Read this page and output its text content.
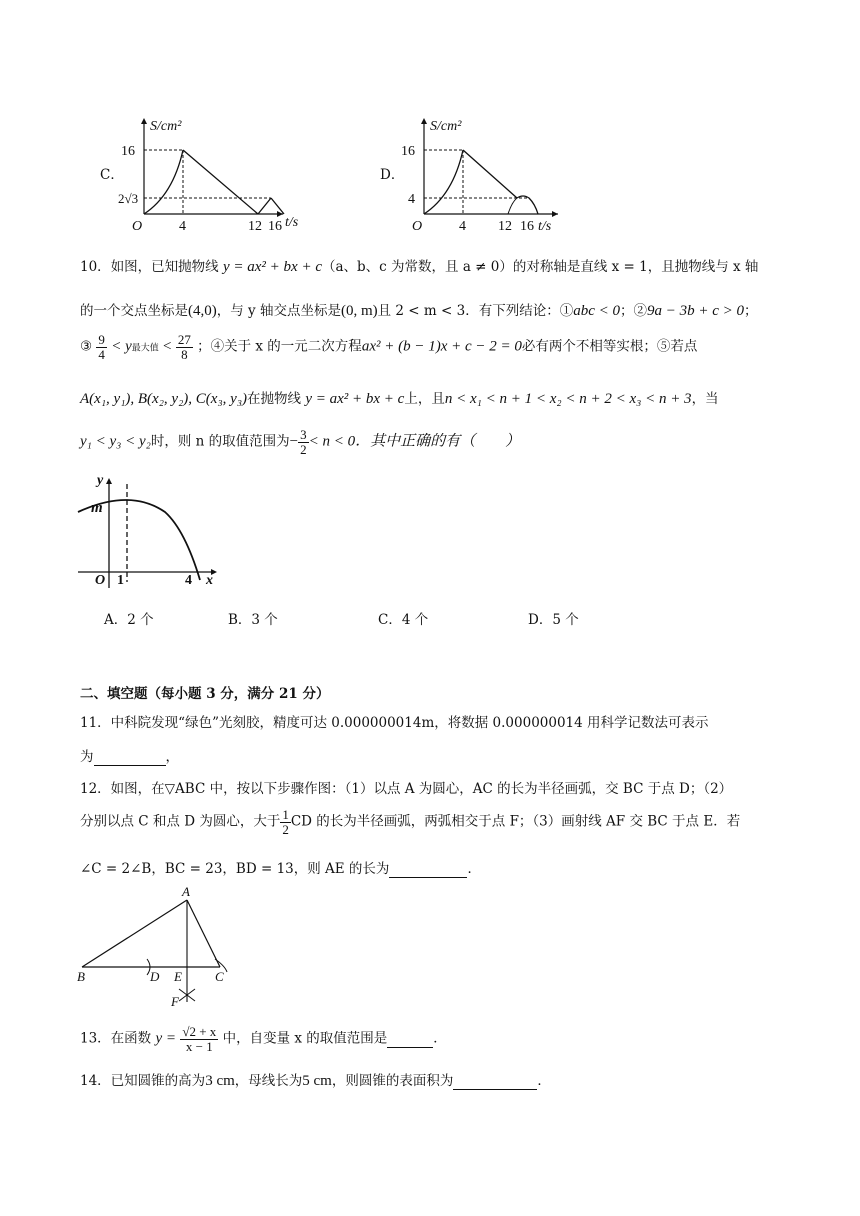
C．
S/cm²
16
2√3
O	4	12 16 t/s
D．
S/cm²
16
4
O	4 12 16 t/s
10．如图，已知抛物线 y = ax² + bx + c（a、b、c 为常数，且 a ≠ 0）的对称轴是直线 x = 1，且抛物线与 x 轴
的一个交点坐标是(4,0)，与 y 轴交点坐标是(0, m)且 2 < m < 3．有下列结论：①abc < 0；②9a − 3b + c > 0；
③ $\frac{9}{4} < y$最大值 < $\frac{27}{8}$ ；④关于 x 的一元二次方程ax² + (b − 1)x + c − 2 = 0必有两个不相等实根；⑤若点
A(x₁, y₁), B(x₂, y₂), C(x₃, y₃)在抛物线 y = ax² + bx + c上，且n < x₁ < n + 1 < x₂ < n + 2 < x₃ < n + 3，当
y₁ < y₃ < y₂时，则 n 的取值范围为− $\frac{3}{2} < n < 0$．其中正确的有（　　）
y
m
O 1	4 x
A．2 个	B．3 个	C．4 个	D．5 个
二、填空题（每小题 3 分，满分 21 分）
11．中科院发现“绿色”光刻胶，精度可达 0.000000014m，将数据 0.000000014 用科学记数法可表示
为	，
12．如图，在▽ABC 中，按以下步骤作图：（1）以点 A 为圆心，AC 的长为半径画弧，交 BC 于点 D；（2）
分别以点 C 和点 D 为圆心，大于 $\frac{1}{2}$ CD 的长为半径画弧，两弧相交于点 F；（3）画射线 AF 交 BC 于点 E．若
∠C = 2∠B，BC = 23，BD = 13，则 AE 的长为	．
A
B	C
D E
F
13．在函数 $y = \frac{√2 + x}{x - 1}$ 中，自变量 x 的取值范围是	．
14．已知圆锥的高为3 cm，母线长为5 cm，则圆锥的表面积为	．
